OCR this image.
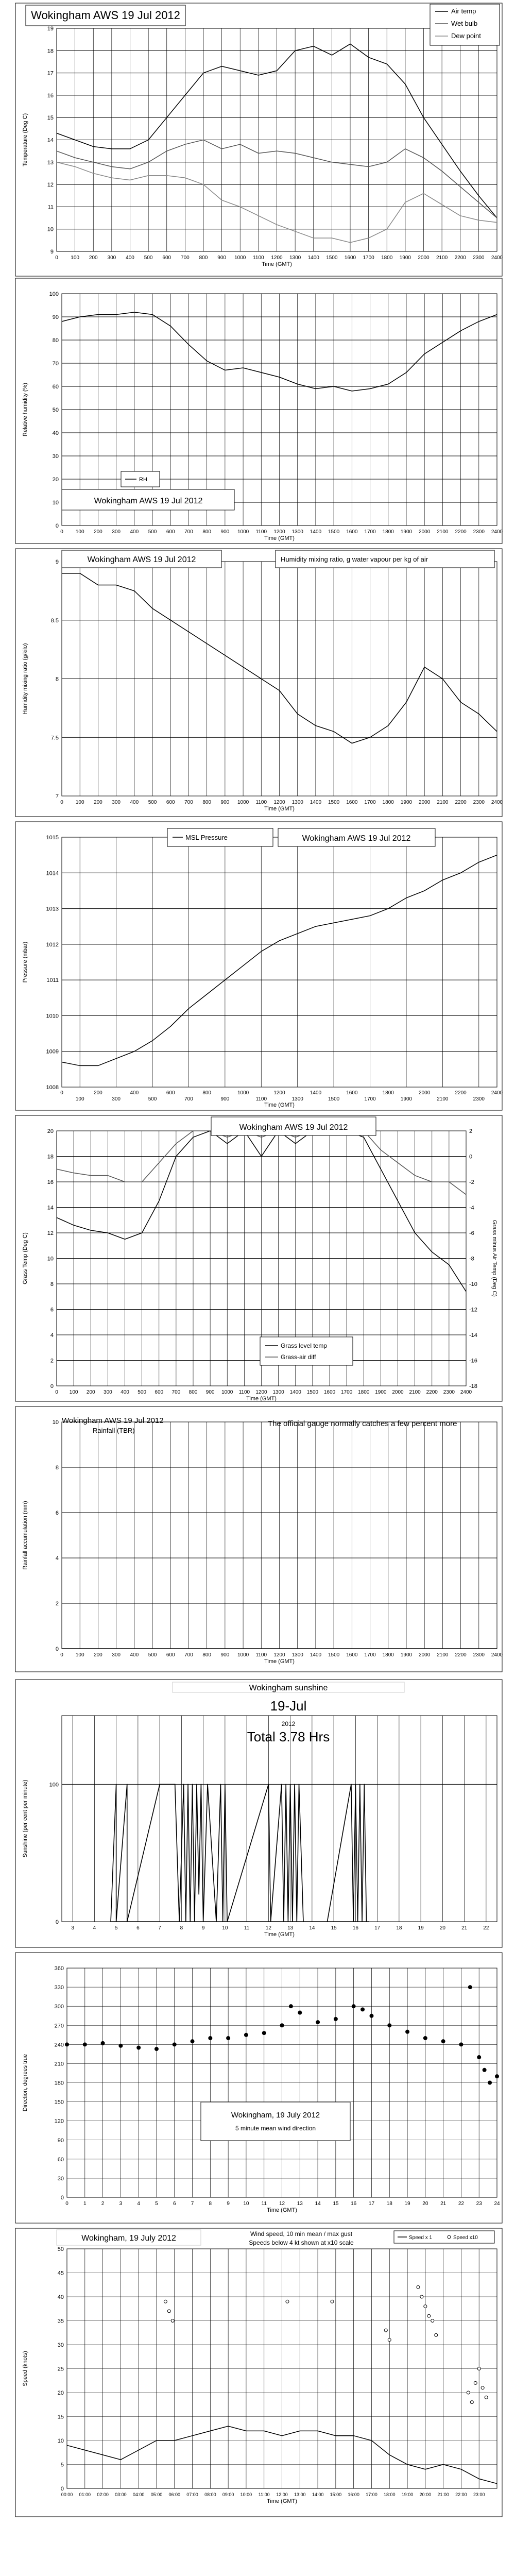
9
10
11
12
13
14
15
16
17
18
19
0 100 200 300 400 500 600 700 800 900 1000 1100 1200 1300 1400 1500 1600 1700 1800 1900 2000 2100 2200 2300 2400
Time (GMT)
Temperature (Deg C)
Wokingham AWS 19 Jul 2012	Air temp
Wet bulb
Dew point
0
10
20
30
40
50
60
70
80
90
100
0 100 200 300 400 500 600 700 800 900 1000 1100 1200 1300 1400 1500 1600 1700 1800 1900 2000 2100 2200 2300 2400
Time (GMT)
Relative humidity (%)
Wokingham AWS 19 Jul 2012
RH
7
7.5
8
8.5
9
0 100 200 300 400 500 600 700 800 900 1000 1100 1200 1300 1400 1500 1600 1700 1800 1900 2000 2100 2200 2300 2400
Time (GMT)
Humidity mixing ratio (g/kilo)
Wokingham AWS 19 Jul 2012	Humidity mixing ratio, g water vapour per kg of air
1008
1009
1010
1011
1012
1013
1014
1015
100	300	500	700	900	1100	1300	1500	1700	1900	2100	2300
0	200	400	600	800	1000	1200	1400	1600	1800	2000	2200	2400
Time (GMT)
Pressure (mbar)
MSL Pressure	Wokingham AWS 19 Jul 2012
0
2
4
6
8
10
12
14
16
18
20
0 100 200 300 400 500 600 700 800 900 1000 1100 1200 1300 1400 1500 1600 1700 1800 1900 2000 2100 2200 2300 2400
-18
-16
-14
-12
-10
-8
-6
-4
-2
0
2
Time (GMT)
Grass Temp (Deg C)	Grass minus Air Temp (Deg C)
Wokingham AWS 19 Jul 2012
Grass level temp
Grass-air diff
0
2
4
6
8
10
0 100 200 300 400 500 600 700 800 900 1000 1100 1200 1300 1400 1500 1600 1700 1800 1900 2000 2100 2200 2300 2400
Time (GMT)
Rainfall accumulation (mm)
Wokingham AWS 19 Jul 2012
Rainfall (TBR)
The official gauge normally catches a few percent more
0
100
3	4	5	6	7	8	9	10	11	12	13	14	15	16	17	18	19	20	21	22
Time (GMT)
Sunshine (per cent per minute)
Wokingham sunshine
19-Jul
2012
Total 3.78 Hrs
0
30
60
90
120
150
180
210
240
270
300
330
360
0	1	2	3	4	5	6	7	8	9	10 11 12 13 14 15 16 17 18 19 20 21 22 23 24
Time (GMT)
Direction, degrees true
Wokingham, 19 July 2012
5 minute mean wind direction
0
5
10
15
20
25
30
35
40
45
50
00:00 01:00 02:00 03:00 04:00 05:00 06:00 07:00 08:00 09:00 10:00 11:00 12:00 13:00 14:00 15:00 16:00 17:00 18:00 19:00 20:00 21:00 22:00 23:00
Time (GMT)
Speed (knots)
Wokingham, 19 July 2012	Wind speed, 10 min mean / max gust
Speeds below 4 kt shown at x10 scale
Speed x 1	Speed x10
